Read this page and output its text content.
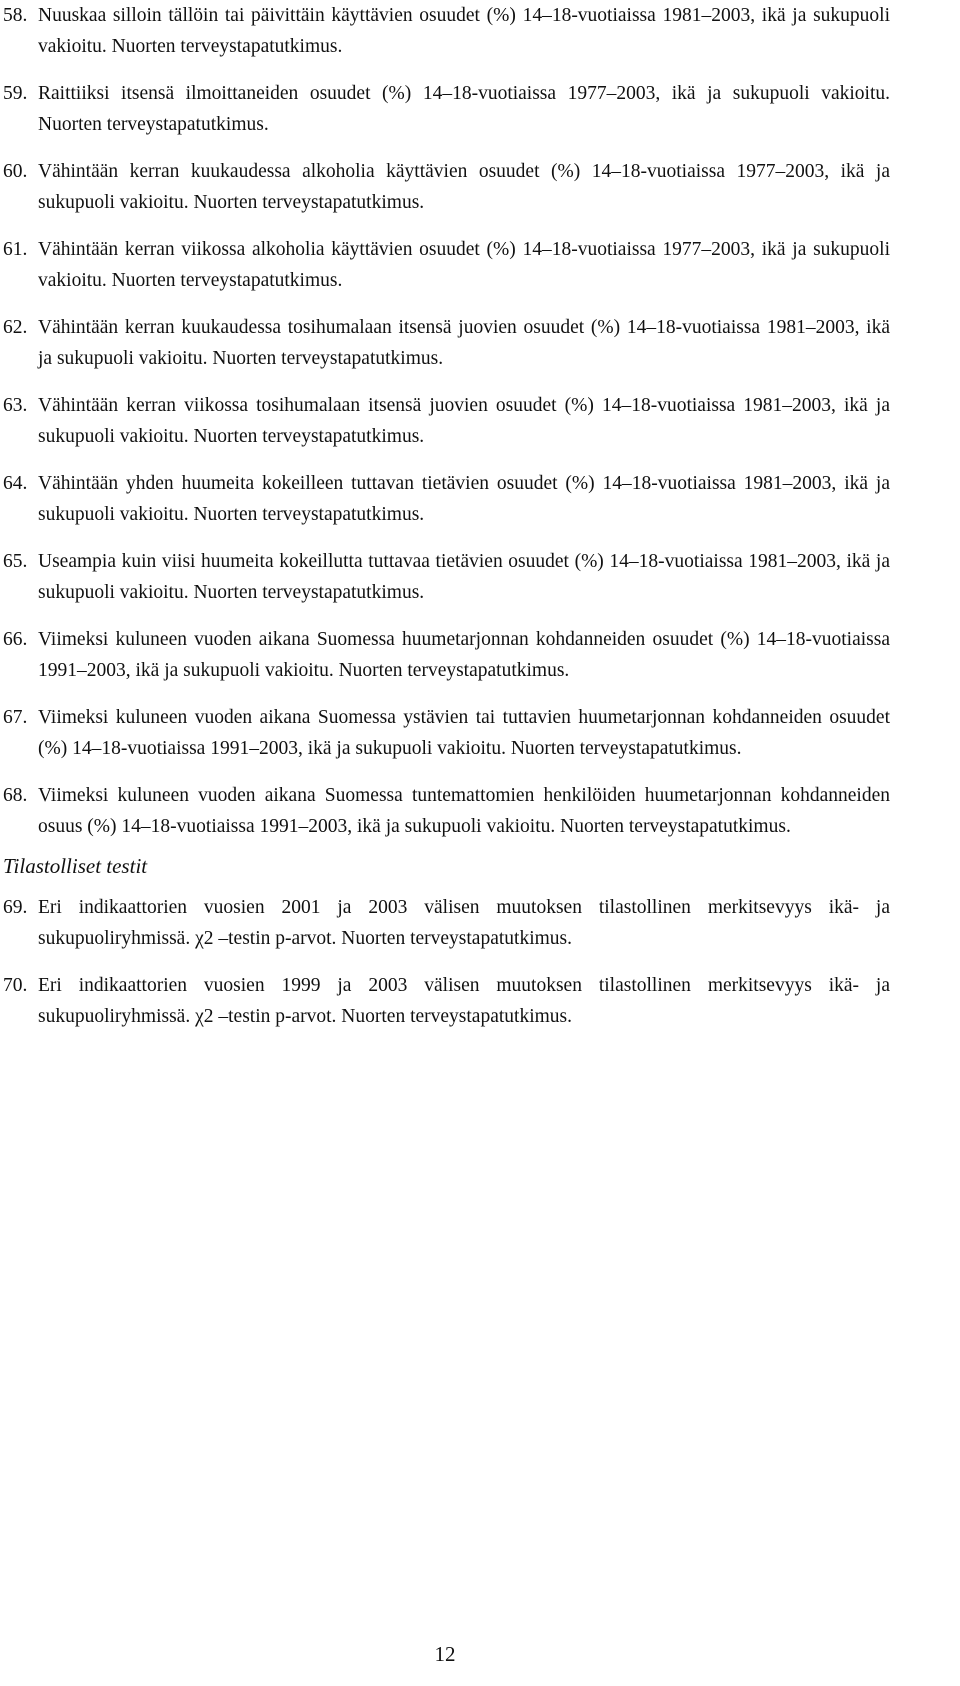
58. Nuuskaa silloin tällöin tai päivittäin käyttävien osuudet (%) 14–18-vuotiaissa 1981–2003, ikä ja sukupuoli vakioitu. Nuorten terveystapatutkimus.
59. Raittiiksi itsensä ilmoittaneiden osuudet (%) 14–18-vuotiaissa 1977–2003, ikä ja sukupuoli vakioitu. Nuorten terveystapatutkimus.
60. Vähintään kerran kuukaudessa alkoholia käyttävien osuudet (%) 14–18-vuotiaissa 1977–2003, ikä ja sukupuoli vakioitu. Nuorten terveystapatutkimus.
61. Vähintään kerran viikossa alkoholia käyttävien osuudet (%) 14–18-vuotiaissa 1977–2003, ikä ja sukupuoli vakioitu. Nuorten terveystapatutkimus.
62. Vähintään kerran kuukaudessa tosihumalaan itsensä juovien osuudet (%) 14–18-vuotiaissa 1981–2003, ikä ja sukupuoli vakioitu. Nuorten terveystapatutkimus.
63. Vähintään kerran viikossa tosihumalaan itsensä juovien osuudet (%) 14–18-vuotiaissa 1981–2003, ikä ja sukupuoli vakioitu. Nuorten terveystapatutkimus.
64. Vähintään yhden huumeita kokeilleen tuttavan tietävien osuudet (%) 14–18-vuotiaissa 1981–2003, ikä ja sukupuoli vakioitu. Nuorten terveystapatutkimus.
65. Useampia kuin viisi huumeita kokeillutta tuttavaa tietävien osuudet (%) 14–18-vuotiaissa 1981–2003, ikä ja sukupuoli vakioitu. Nuorten terveystapatutkimus.
66. Viimeksi kuluneen vuoden aikana Suomessa huumetarjonnan kohdanneiden osuudet (%) 14–18-vuotiaissa 1991–2003, ikä ja sukupuoli vakioitu. Nuorten terveystapatutkimus.
67. Viimeksi kuluneen vuoden aikana Suomessa ystävien tai tuttavien huumetarjonnan kohdanneiden osuudet (%) 14–18-vuotiaissa 1991–2003, ikä ja sukupuoli vakioitu. Nuorten terveystapatutkimus.
68. Viimeksi kuluneen vuoden aikana Suomessa tuntemattomien henkilöiden huumetarjonnan kohdanneiden osuus (%) 14–18-vuotiaissa 1991–2003, ikä ja sukupuoli vakioitu. Nuorten terveystapatutkimus.
Tilastolliset testit
69. Eri indikaattorien vuosien 2001 ja 2003 välisen muutoksen tilastollinen merkitsevyys ikä- ja sukupuoliryhmissä. χ2 –testin p-arvot. Nuorten terveystapatutkimus.
70. Eri indikaattorien vuosien 1999 ja 2003 välisen muutoksen tilastollinen merkitsevyys ikä- ja sukupuoliryhmissä. χ2 –testin p-arvot. Nuorten terveystapatutkimus.
12
